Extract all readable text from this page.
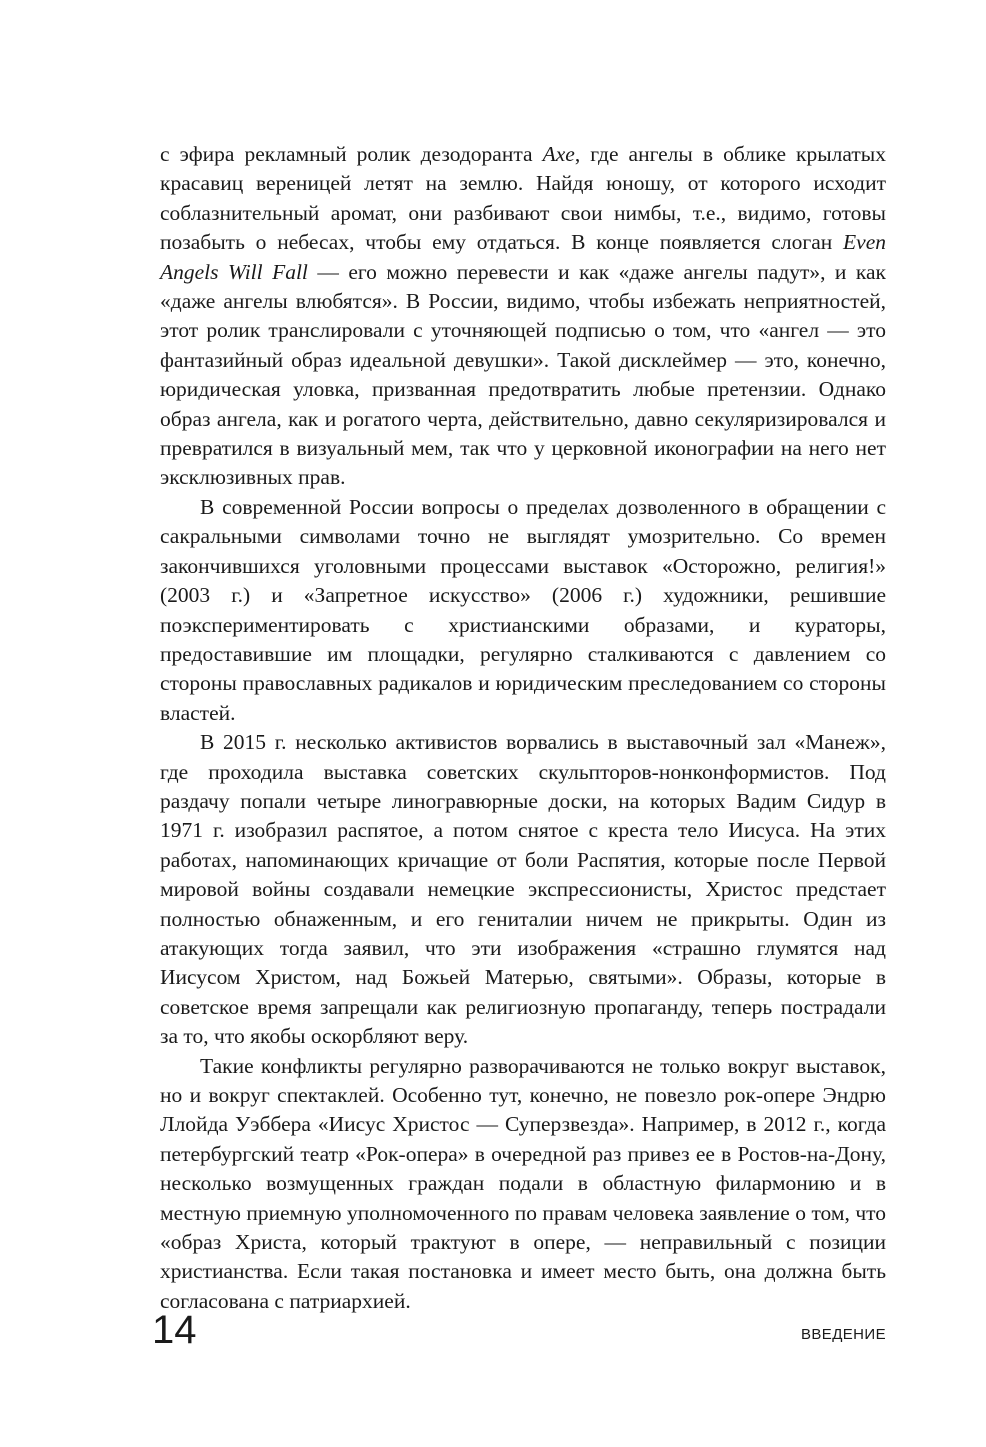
с эфира рекламный ролик дезодоранта Axe, где ангелы в облике крылатых красавиц вереницей летят на землю. Найдя юношу, от которого исходит соблазнительный аромат, они разбивают свои нимбы, т.е., видимо, готовы позабыть о небесах, чтобы ему отдаться. В конце появляется слоган Even Angels Will Fall — его можно перевести и как «даже ангелы падут», и как «даже ангелы влюбятся». В России, видимо, чтобы избежать неприятностей, этот ролик транслировали с уточняющей подписью о том, что «ангел — это фантазийный образ идеальной девушки». Такой дисклеймер — это, конечно, юридическая уловка, призванная предотвратить любые претензии. Однако образ ангела, как и рогатого черта, действительно, давно секуляризировался и превратился в визуальный мем, так что у церковной иконографии на него нет эксклюзивных прав.

В современной России вопросы о пределах дозволенного в обращении с сакральными символами точно не выглядят умозрительно. Со времен закончившихся уголовными процессами выставок «Осторожно, религия!» (2003 г.) и «Запретное искусство» (2006 г.) художники, решившие поэкспериментировать с христианскими образами, и кураторы, предоставившие им площадки, регулярно сталкиваются с давлением со стороны православных радикалов и юридическим преследованием со стороны властей.

В 2015 г. несколько активистов ворвались в выставочный зал «Манеж», где проходила выставка советских скульпторов-нонконформистов. Под раздачу попали четыре линогравюрные доски, на которых Вадим Сидур в 1971 г. изобразил распятое, а потом снятое с креста тело Иисуса. На этих работах, напоминающих кричащие от боли Распятия, которые после Первой мировой войны создавали немецкие экспрессионисты, Христос предстает полностью обнаженным, и его гениталии ничем не прикрыты. Один из атакующих тогда заявил, что эти изображения «страшно глумятся над Иисусом Христом, над Божьей Матерью, святыми». Образы, которые в советское время запрещали как религиозную пропаганду, теперь пострадали за то, что якобы оскорбляют веру.

Такие конфликты регулярно разворачиваются не только вокруг выставок, но и вокруг спектаклей. Особенно тут, конечно, не повезло рок-опере Эндрю Ллойда Уэббера «Иисус Христос — Суперзвезда». Например, в 2012 г., когда петербургский театр «Рок-опера» в очередной раз привез ее в Ростов-на-Дону, несколько возмущенных граждан подали в областную филармонию и в местную приемную уполномоченного по правам человека заявление о том, что «образ Христа, который трактуют в опере, — неправильный с позиции христианства. Если такая постановка и имеет место быть, она должна быть согласована с патриархией.

14	ВВЕДЕНИЕ
